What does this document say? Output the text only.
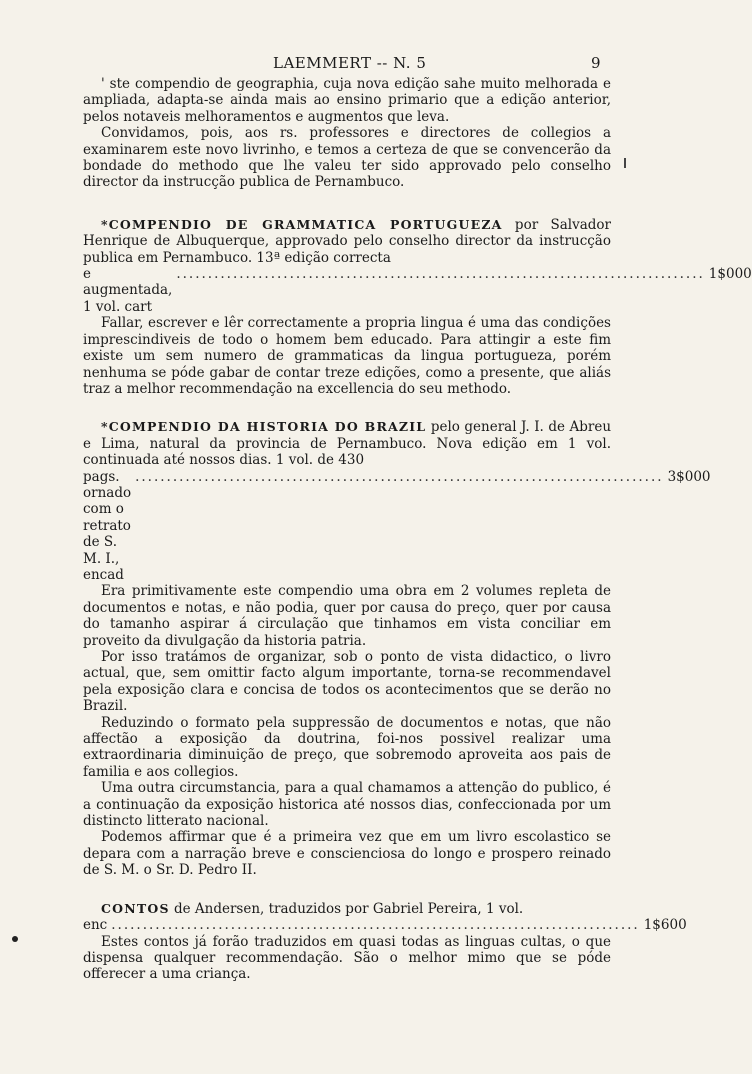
LAEMMERT -- N. 5	9

' ste compendio de geographia, cuja nova edição sahe muito melhorada e ampliada, adapta-se ainda mais ao ensino primario que a edição anterior, pelos notaveis melhoramentos e augmentos que leva.

Convidamos, pois, aos rs. professores e directores de collegios a examinarem este novo livrinho, e temos a certeza de que se convencerão da bondade do methodo que lhe valeu ter sido approvado pelo conselho director da instrucção publica de Pernambuco.

*COMPENDIO DE GRAMMATICA PORTUGUEZA por Salvador Henrique de Albuquerque, approvado pelo conselho director da instrucção publica em Pernambuco. 13ª edição correcta

e augmentada, 1 vol. cart
.................................................................................... 1$000

Fallar, escrever e lêr correctamente a propria lingua é uma das condições imprescindiveis de todo o homem bem educado. Para attingir a este fim existe um sem numero de grammaticas da lingua portugueza, porém nenhuma se póde gabar de contar treze edições, como a presente, que aliás traz a melhor recommendação na excellencia do seu methodo.

*COMPENDIO DA HISTORIA DO BRAZIL pelo general J. I. de Abreu e Lima, natural da provincia de Pernambuco. Nova edição em 1 vol. continuada até nossos dias. 1 vol. de 430

pags. ornado com o retrato de S. M. I., encad
.................................................................................... 3$000

Era primitivamente este compendio uma obra em 2 volumes repleta de documentos e notas, e não podia, quer por causa do preço, quer por causa do tamanho aspirar á circulação que tinhamos em vista conciliar em proveito da divulgação da historia patria.

Por isso tratámos de organizar, sob o ponto de vista didactico, o livro actual, que, sem omittir facto algum importante, torna-se recommendavel pela exposição clara e concisa de todos os acontecimentos que se derão no Brazil.

Reduzindo o formato pela suppressão de documentos e notas, que não affectão a exposição da doutrina, foi-nos possivel realizar uma extraordinaria diminuição de preço, que sobremodo aproveita aos pais de familia e aos collegios.

Uma outra circumstancia, para a qual chamamos a attenção do publico, é a continuação da exposição historica até nossos dias, confeccionada por um distincto litterato nacional.

Podemos affirmar que é a primeira vez que em um livro escolastico se depara com a narração breve e conscienciosa do longo e prospero reinado de S. M. o Sr. D. Pedro II.

CONTOS de Andersen, traduzidos por Gabriel Pereira, 1 vol.

enc .................................................................................... 1$600

Estes contos já forão traduzidos em quasi todas as linguas cultas, o que dispensa qualquer recommendação. São o melhor mimo que se póde offerecer a uma criança.
